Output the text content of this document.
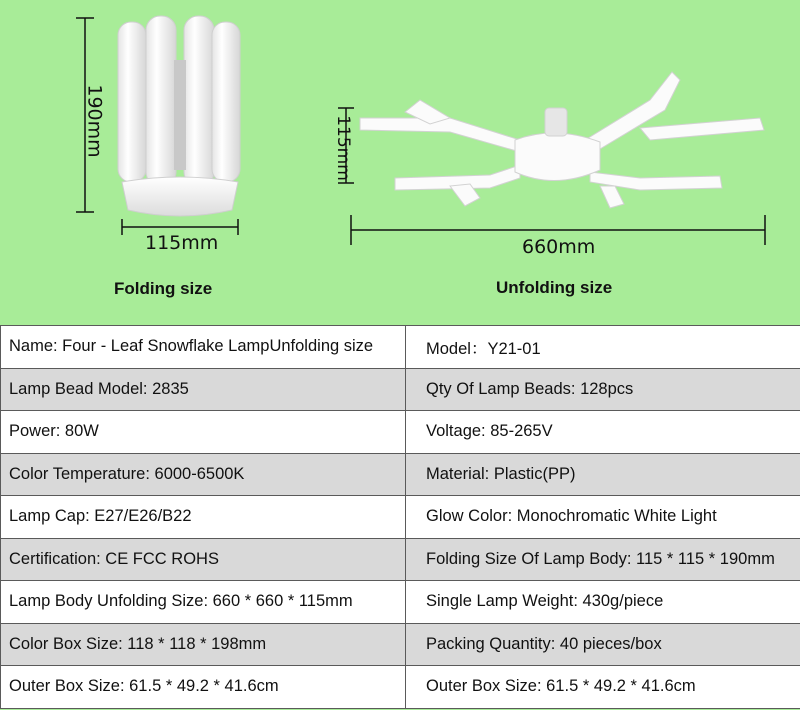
190mm
115mm
115mm
660mm
Folding size	Unfolding size
Name: Four - Leaf Snowflake LampUnfolding size	Model：Y21-01
Lamp Bead Model: 2835	Qty Of Lamp Beads: 128pcs
Power: 80W	Voltage: 85-265V
Color Temperature: 6000-6500K	Material: Plastic(PP)
Lamp Cap: E27/E26/B22	Glow Color: Monochromatic White Light
Certification: CE FCC ROHS	Folding Size Of Lamp Body: 115 * 115 * 190mm
Lamp Body Unfolding Size: 660 * 660 * 115mm	Single Lamp Weight: 430g/piece
Color Box Size: 118 * 118 * 198mm	Packing Quantity: 40 pieces/box
Outer Box Size: 61.5 * 49.2 * 41.6cm	Outer Box Size: 61.5 * 49.2 * 41.6cm
